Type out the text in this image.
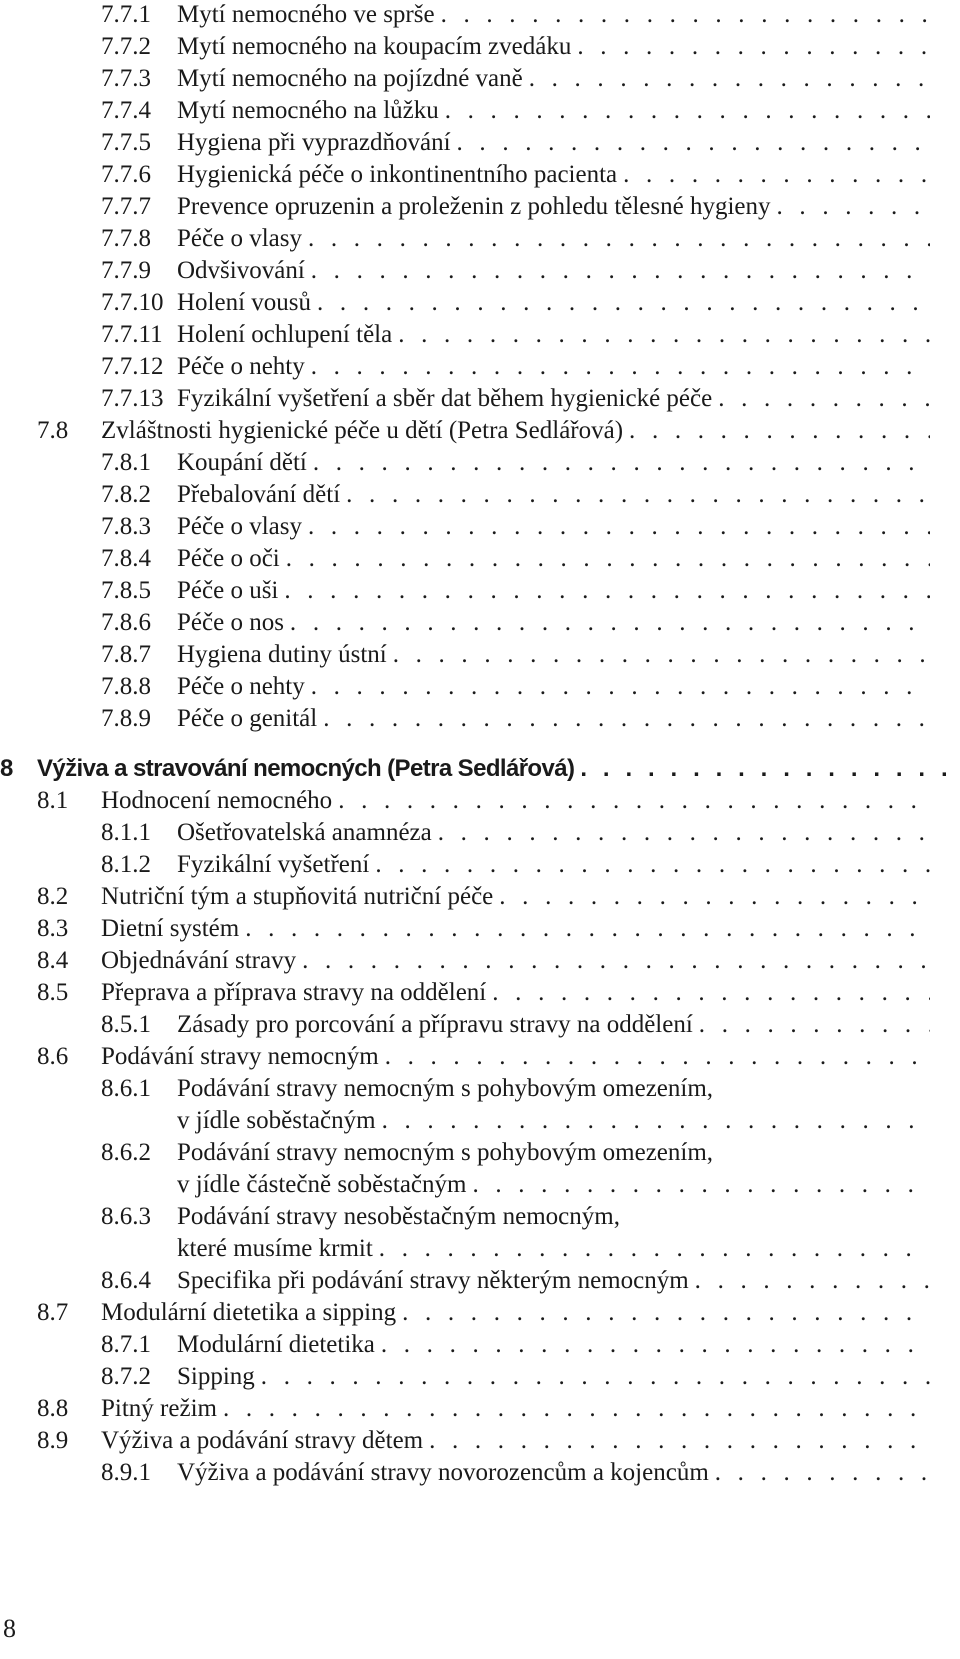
7.7.1 Mytí nemocného ve sprše
. . .
7.7.2 Mytí nemocného na koupacím zvedáku
. . .
7.7.3 Mytí nemocného na pojízdné vaně
. . .
7.7.4 Mytí nemocného na lůžku
. . .
7.7.5 Hygiena při vyprazdňování
. . .
7.7.6 Hygienická péče o inkontinentního pacienta
. . .
7.7.7 Prevence opruzenin a proleženin z pohledu tělesné hygieny
. . .
7.7.8 Péče o vlasy
. . .
7.7.9 Odvšivování
. . .
7.7.10 Holení vousů
. . .
7.7.11 Holení ochlupení těla
. . .
7.7.12 Péče o nehty
. . .
7.7.13 Fyzikální vyšetření a sběr dat během hygienické péče
. . .
7.8 Zvláštnosti hygienické péče u dětí (Petra Sedlářová)
. . .
7.8.1 Koupání dětí
. . .
7.8.2 Přebalování dětí
. . .
7.8.3 Péče o vlasy
. . .
7.8.4 Péče o oči
. . .
7.8.5 Péče o uši
. . .
7.8.6 Péče o nos
. . .
7.8.7 Hygiena dutiny ústní
. . .
7.8.8 Péče o nehty
. . .
7.8.9 Péče o genitál
. . .
8 Výživa a stravování nemocných (Petra Sedlářová)
. . .
8.1 Hodnocení nemocného
. . .
8.1.1 Ošetřovatelská anamnéza
. . .
8.1.2 Fyzikální vyšetření
. . .
8.2 Nutriční tým a stupňovitá nutriční péče
. . .
8.3 Dietní systém
. . .
8.4 Objednávání stravy
. . .
8.5 Přeprava a příprava stravy na oddělení
. . .
8.5.1 Zásady pro porcování a přípravu stravy na oddělení
. . .
8.6 Podávání stravy nemocným
. . .
8.6.1 Podávání stravy nemocným s pohybovým omezením,
v jídle soběstačným
. . .
8.6.2 Podávání stravy nemocným s pohybovým omezením,
v jídle částečně soběstačným
. . .
8.6.3 Podávání stravy nesoběstačným nemocným,
které musíme krmit
. . .
8.6.4 Specifika při podávání stravy některým nemocným
. . .
8.7 Modulární dietetika a sipping
. . .
8.7.1 Modulární dietetika
. . .
8.7.2 Sipping
. . .
8.8 Pitný režim
. . .
8.9 Výživa a podávání stravy dětem
. . .
8.9.1 Výživa a podávání stravy novorozencům a kojencům
. . .
8
